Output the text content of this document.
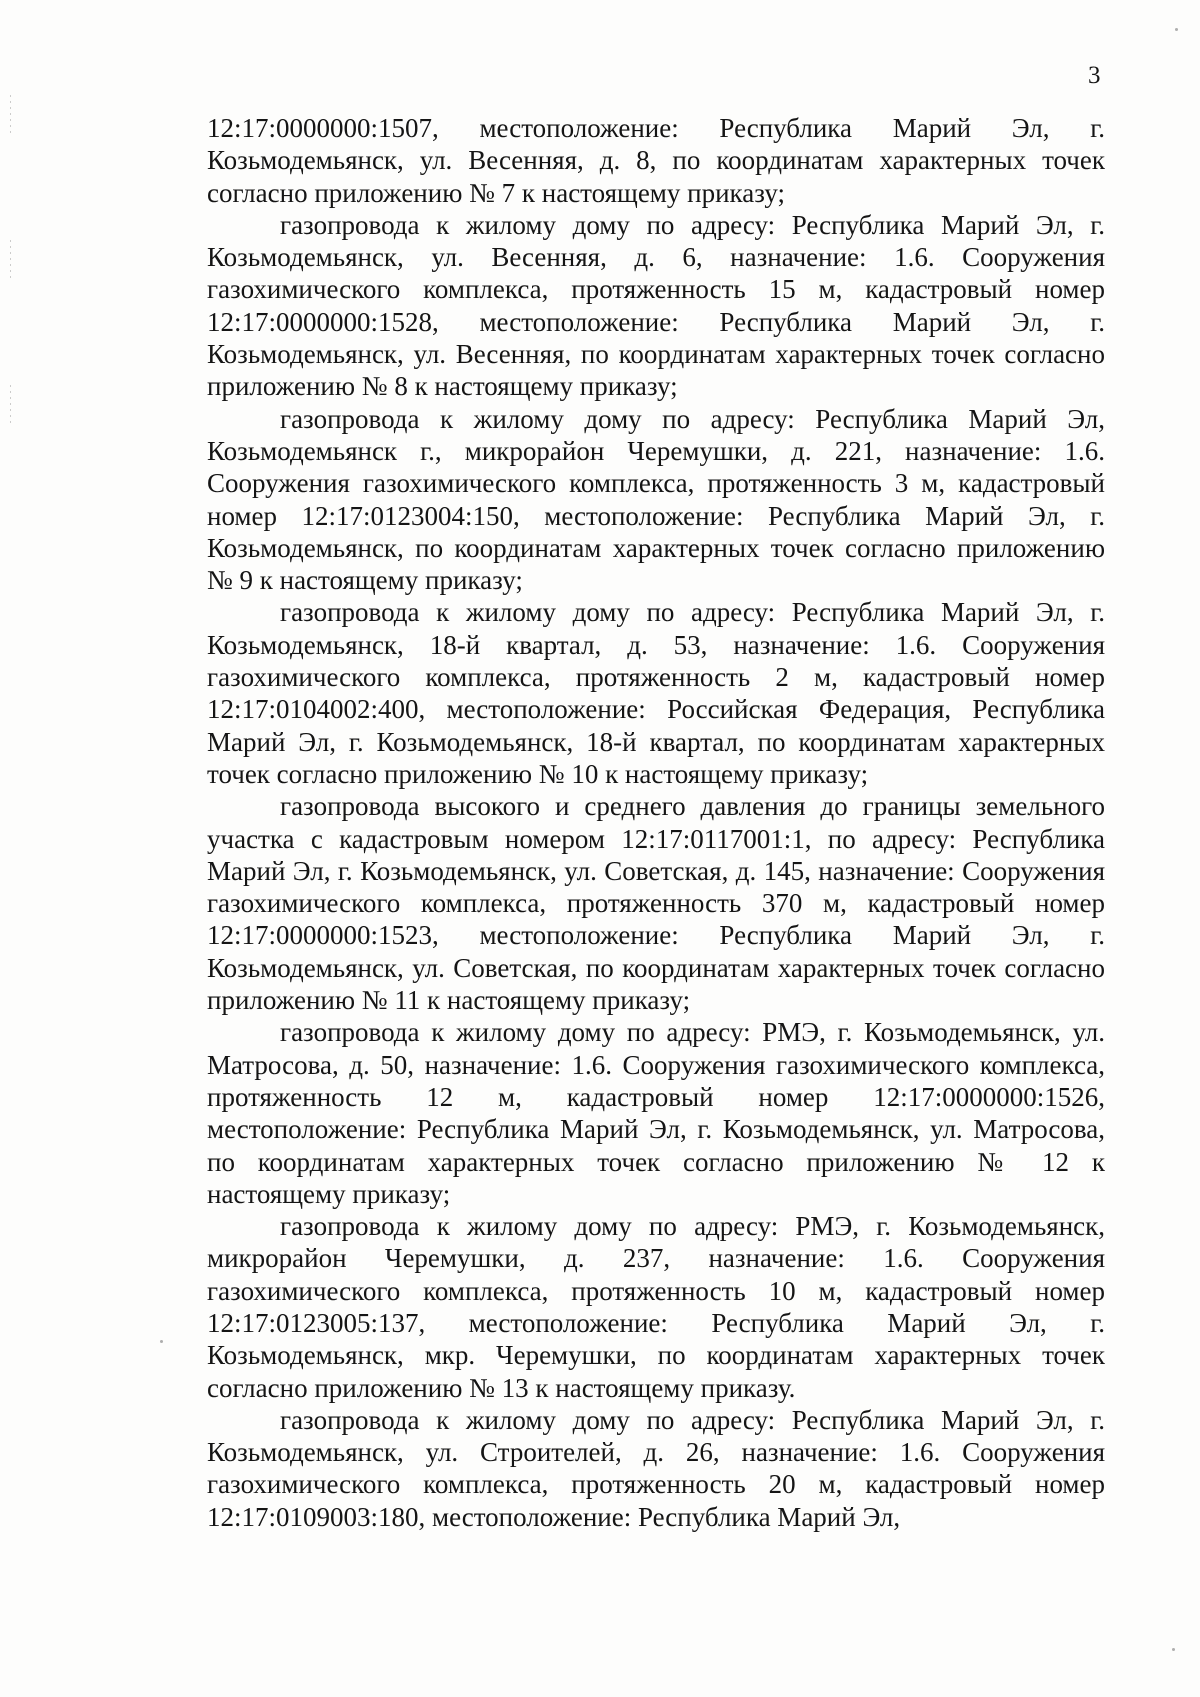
3

12:17:0000000:1507, местоположение: Республика Марий Эл, г. Козьмодемьянск, ул. Весенняя, д. 8, по координатам характерных точек согласно приложению № 7 к настоящему приказу;

газопровода к жилому дому по адресу: Республика Марий Эл, г. Козьмодемьянск, ул. Весенняя, д. 6, назначение: 1.6. Сооружения газохимического комплекса, протяженность 15 м, кадастровый номер 12:17:0000000:1528, местоположение: Республика Марий Эл, г. Козьмодемьянск, ул. Весенняя, по координатам характерных точек согласно приложению № 8 к настоящему приказу;

газопровода к жилому дому по адресу: Республика Марий Эл, Козьмодемьянск г., микрорайон Черемушки, д. 221, назначение: 1.6. Сооружения газохимического комплекса, протяженность 3 м, кадастровый номер 12:17:0123004:150, местоположение: Республика Марий Эл, г. Козьмодемьянск, по координатам характерных точек согласно приложению № 9 к настоящему приказу;

газопровода к жилому дому по адресу: Республика Марий Эл, г. Козьмодемьянск, 18-й квартал, д. 53, назначение: 1.6. Сооружения газохимического комплекса, протяженность 2 м, кадастровый номер 12:17:0104002:400, местоположение: Российская Федерация, Республика Марий Эл, г. Козьмодемьянск, 18-й квартал, по координатам характерных точек согласно приложению № 10 к настоящему приказу;

газопровода высокого и среднего давления до границы земельного участка с кадастровым номером 12:17:0117001:1, по адресу: Республика Марий Эл, г. Козьмодемьянск, ул. Советская, д. 145, назначение: Сооружения газохимического комплекса, протяженность 370 м, кадастровый номер 12:17:0000000:1523, местоположение: Республика Марий Эл, г. Козьмодемьянск, ул. Советская, по координатам характерных точек согласно приложению № 11 к настоящему приказу;

газопровода к жилому дому по адресу: РМЭ, г. Козьмодемьянск, ул. Матросова, д. 50, назначение: 1.6. Сооружения газохимического комплекса, протяженность 12 м, кадастровый номер 12:17:0000000:1526, местоположение: Республика Марий Эл, г. Козьмодемьянск, ул. Матросова, по координатам характерных точек согласно приложению № 12 к настоящему приказу;

газопровода к жилому дому по адресу: РМЭ, г. Козьмодемьянск, микрорайон Черемушки, д. 237, назначение: 1.6. Сооружения газохимического комплекса, протяженность 10 м, кадастровый номер 12:17:0123005:137, местоположение: Республика Марий Эл, г. Козьмодемьянск, мкр. Черемушки, по координатам характерных точек согласно приложению № 13 к настоящему приказу.

газопровода к жилому дому по адресу: Республика Марий Эл, г. Козьмодемьянск, ул. Строителей, д. 26, назначение: 1.6. Сооружения газохимического комплекса, протяженность 20 м, кадастровый номер 12:17:0109003:180, местоположение: Республика Марий Эл,
